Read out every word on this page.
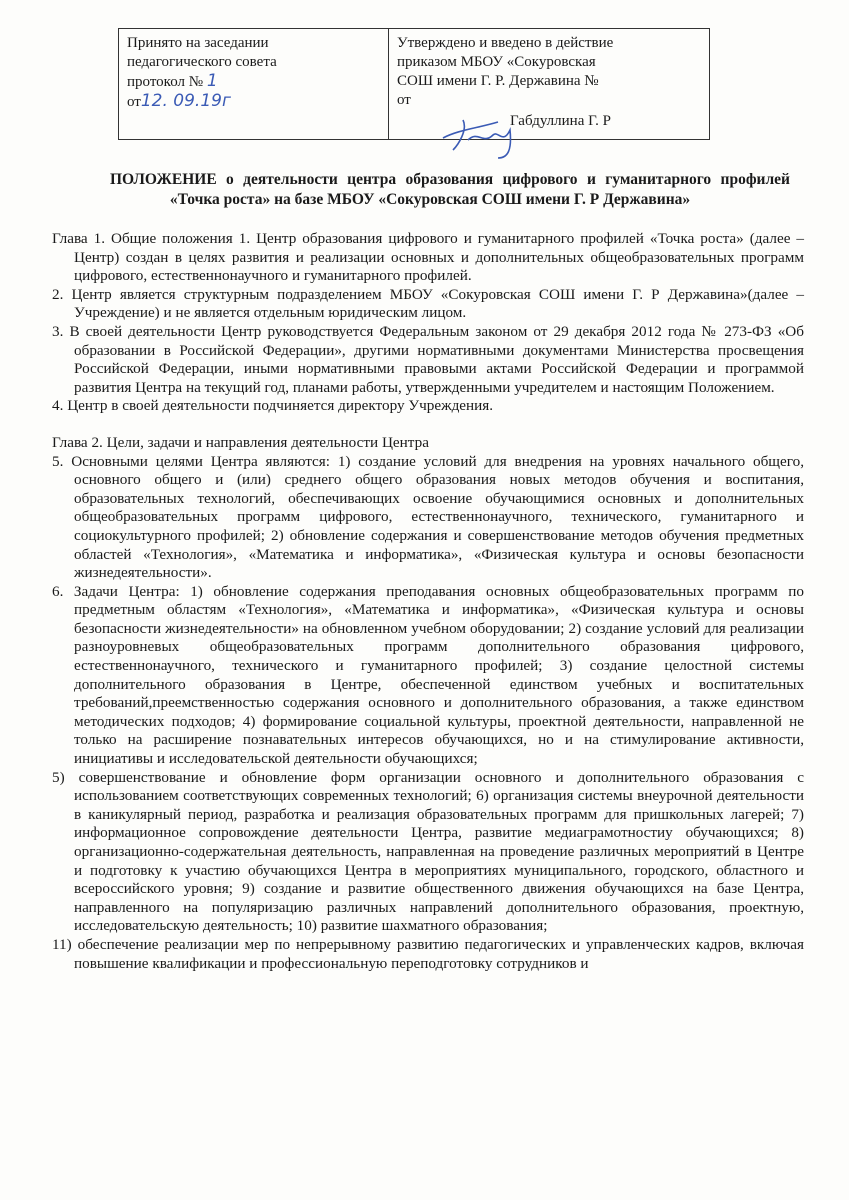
Принято на заседании
педагогического совета
протокол № 1
от12. 09.19г
Утверждено и введено в действие
приказом МБОУ «Сокуровская
СОШ имени Г. Р. Державина №
от
Габдуллина Г. Р
ПОЛОЖЕНИЕ о деятельности центра образования цифрового и гуманитарного профилей «Точка роста» на базе МБОУ «Сокуровская СОШ имени Г. Р Державина»

Глава 1. Общие положения 1. Центр образования цифрового и гуманитарного профилей «Точка роста» (далее – Центр) создан в целях развития и реализации основных и дополнительных общеобразовательных программ цифрового, естественнонаучного и гуманитарного профилей.

2. Центр является структурным подразделением МБОУ «Сокуровская СОШ имени Г. Р Державина»(далее – Учреждение) и не является отдельным юридическим лицом.

3. В своей деятельности Центр руководствуется Федеральным законом от 29 декабря 2012 года № 273-ФЗ «Об образовании в Российской Федерации», другими нормативными документами Министерства просвещения Российской Федерации, иными нормативными правовыми актами Российской Федерации и программой развития Центра на текущий год, планами работы, утвержденными учредителем и настоящим Положением.

4. Центр в своей деятельности подчиняется директору Учреждения.

Глава 2. Цели, задачи и направления деятельности Центра

5. Основными целями Центра являются: 1) создание условий для внедрения на уровнях начального общего, основного общего и (или) среднего общего образования новых методов обучения и воспитания, образовательных технологий, обеспечивающих освоение обучающимися основных и дополнительных общеобразовательных программ цифрового, естественнонаучного, технического, гуманитарного и социокультурного профилей; 2) обновление содержания и совершенствование методов обучения предметных областей «Технология», «Математика и информатика», «Физическая культура и основы безопасности жизнедеятельности».

6. Задачи Центра: 1) обновление содержания преподавания основных общеобразовательных программ по предметным областям «Технология», «Математика и информатика», «Физическая культура и основы безопасности жизнедеятельности» на обновленном учебном оборудовании; 2) создание условий для реализации разноуровневых общеобразовательных программ дополнительного образования цифрового, естественнонаучного, технического и гуманитарного профилей; 3) создание целостной системы дополнительного образования в Центре, обеспеченной единством учебных и воспитательных требований,преемственностью содержания основного и дополнительного образования, а также единством методических подходов; 4) формирование социальной культуры, проектной деятельности, направленной не только на расширение познавательных интересов обучающихся, но и на стимулирование активности, инициативы и исследовательской деятельности обучающихся;

5) совершенствование и обновление форм организации основного и дополнительного образования с использованием соответствующих современных технологий; 6) организация системы внеурочной деятельности в каникулярный период, разработка и реализация образовательных программ для пришкольных лагерей; 7) информационное сопровождение деятельности Центра, развитие медиаграмотностиу обучающихся; 8) организационно-содержательная деятельность, направленная на проведение различных мероприятий в Центре и подготовку к участию обучающихся Центра в мероприятиях муниципального, городского, областного и всероссийского уровня; 9) создание и развитие общественного движения обучающихся на базе Центра, направленного на популяризацию различных направлений дополнительного образования, проектную, исследовательскую деятельность; 10) развитие шахматного образования;

11) обеспечение реализации мер по непрерывному развитию педагогических и управленческих кадров, включая повышение квалификации и профессиональную переподготовку сотрудников и
